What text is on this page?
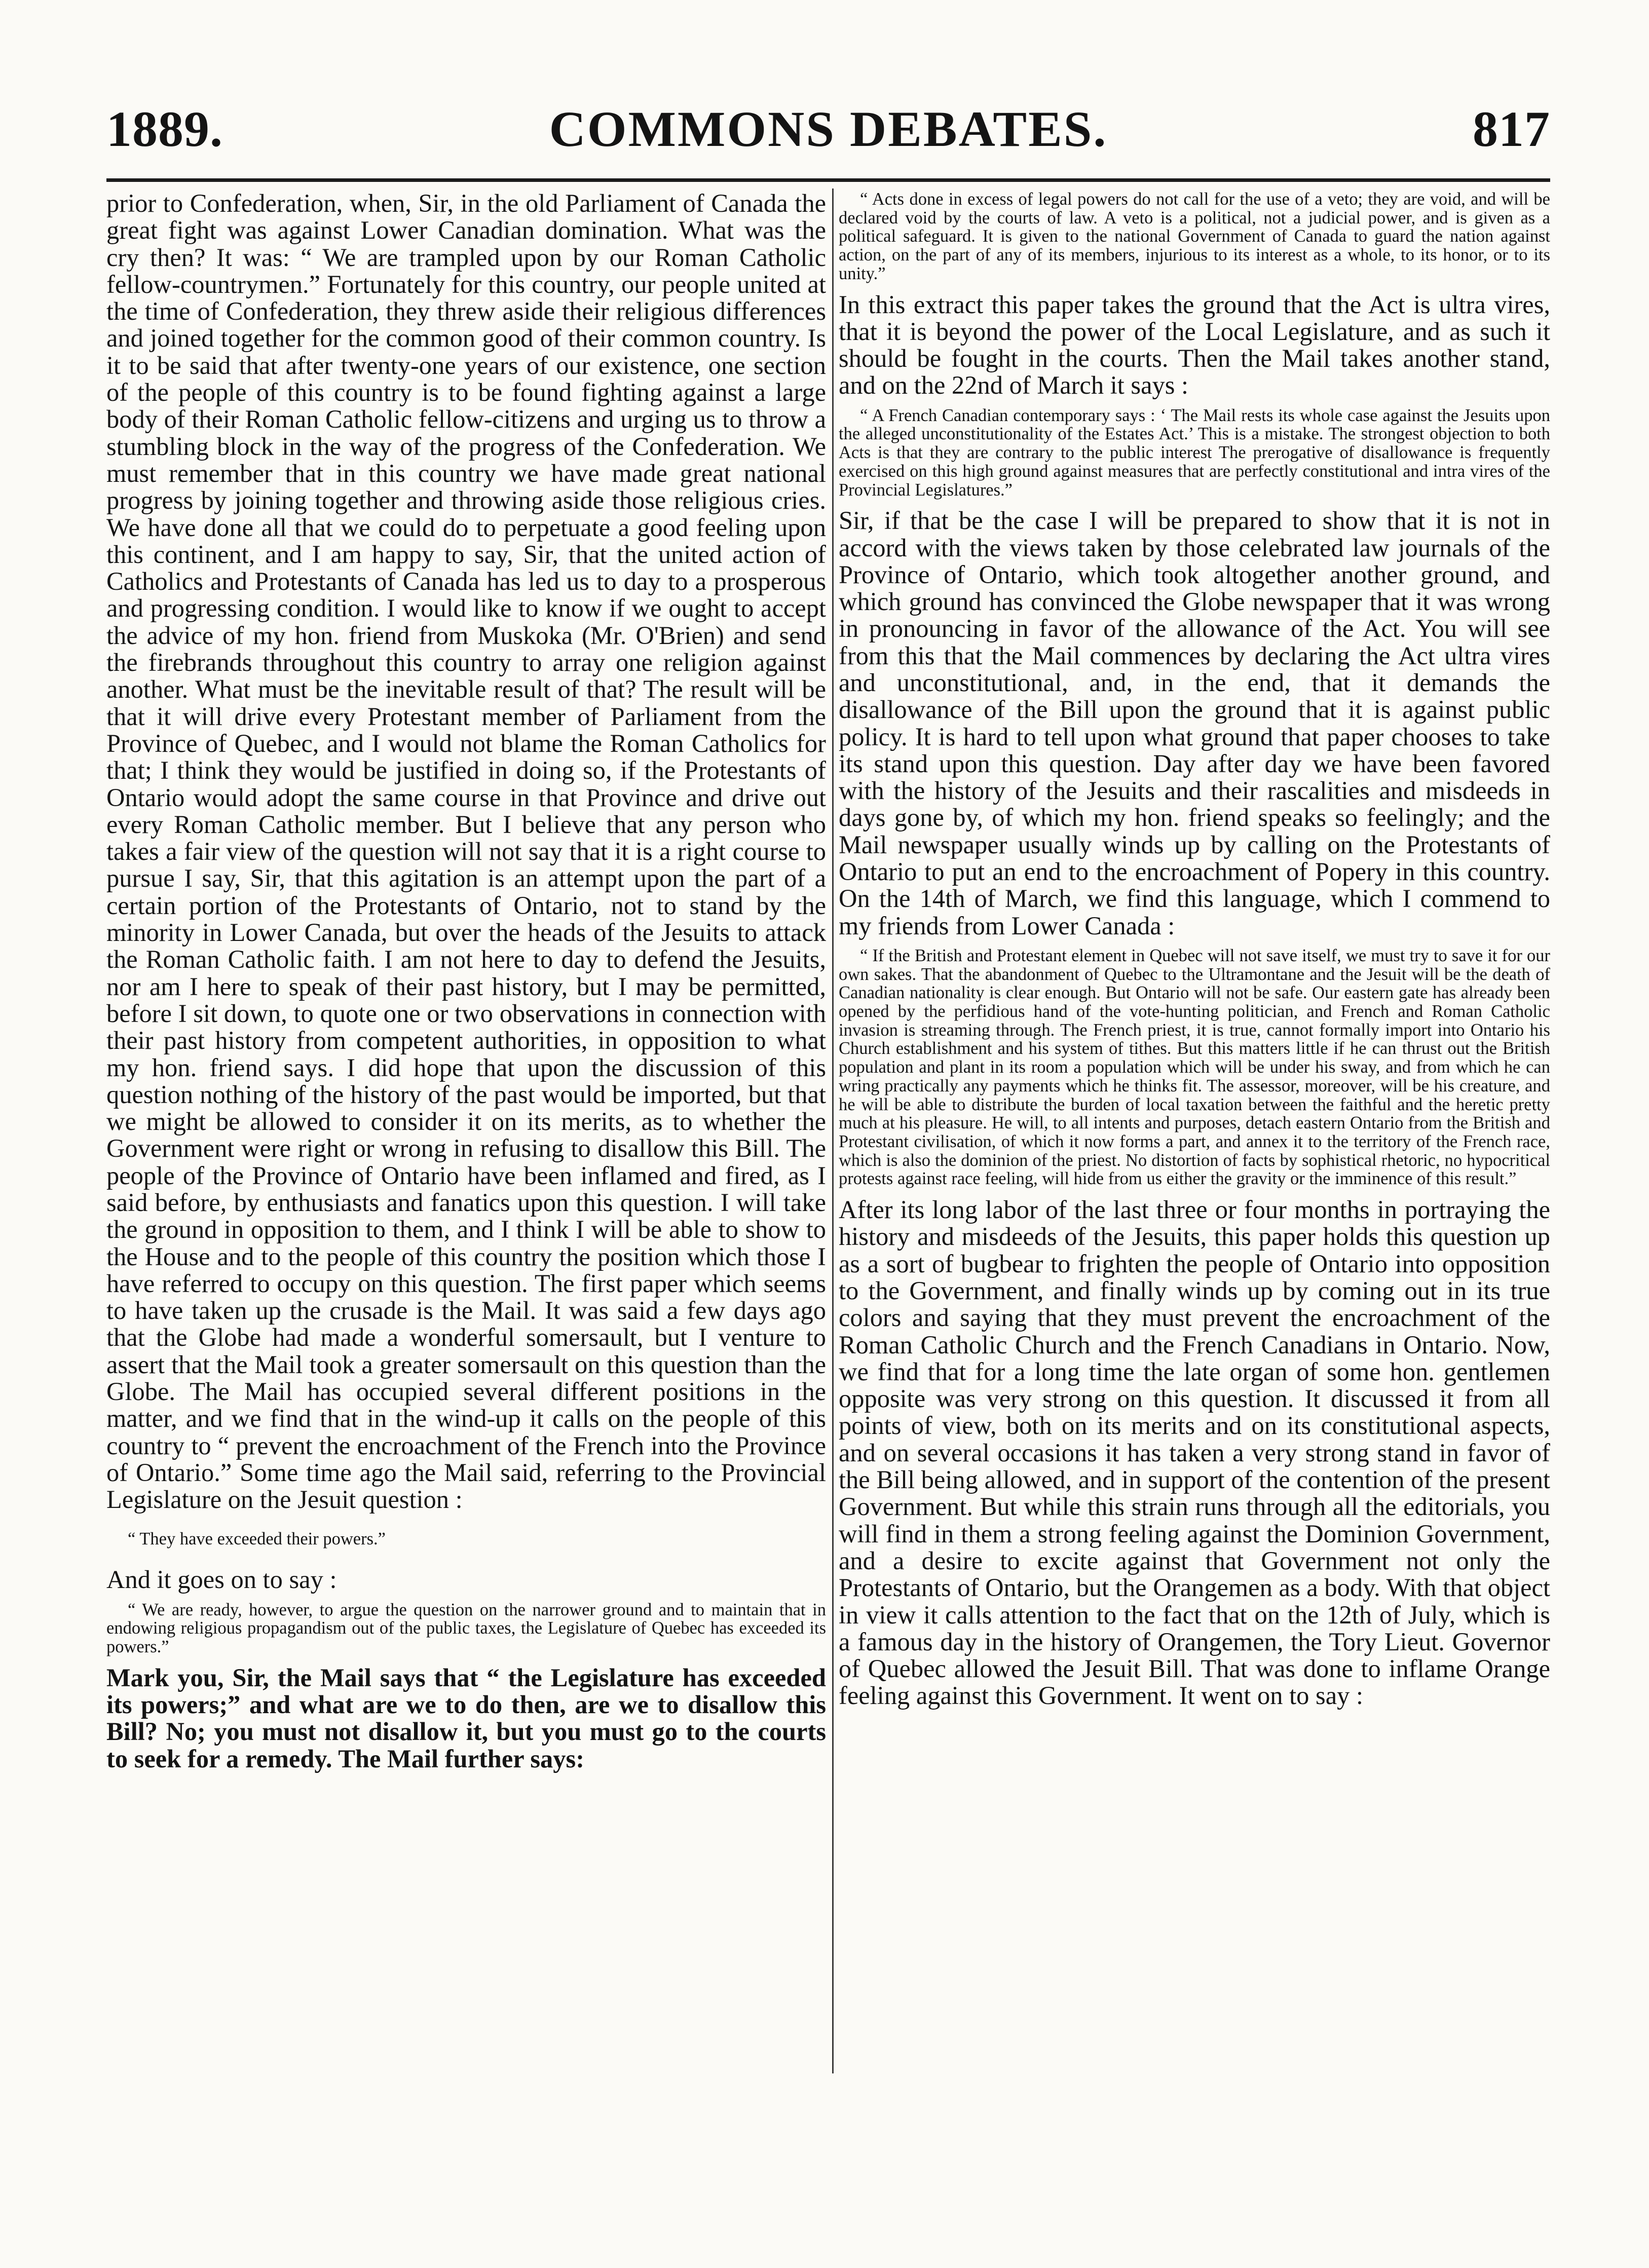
1889.	COMMONS DEBATES.	817

prior to Confederation, when, Sir, in the old Parliament of Canada the great fight was against Lower Canadian domination. What was the cry then? It was: “ We are trampled upon by our Roman Catholic fellow-countrymen.” Fortunately for this country, our people united at the time of Confederation, they threw aside their religious differences and joined together for the common good of their common country. Is it to be said that after twenty-one years of our existence, one section of the people of this country is to be found fighting against a large body of their Roman Catholic fellow-citizens and urging us to throw a stumbling block in the way of the progress of the Confederation. We must remember that in this country we have made great national progress by joining together and throwing aside those religious cries. We have done all that we could do to perpetuate a good feeling upon this continent, and I am happy to say, Sir, that the united action of Catholics and Protestants of Canada has led us to day to a prosperous and progressing condition. I would like to know if we ought to accept the advice of my hon. friend from Muskoka (Mr. O'Brien) and send the firebrands throughout this country to array one religion against another. What must be the inevitable result of that? The result will be that it will drive every Protestant member of Parliament from the Province of Quebec, and I would not blame the Roman Catholics for that; I think they would be justified in doing so, if the Protestants of Ontario would adopt the same course in that Province and drive out every Roman Catholic member. But I believe that any person who takes a fair view of the question will not say that it is a right course to pursue I say, Sir, that this agitation is an attempt upon the part of a certain portion of the Protestants of Ontario, not to stand by the minority in Lower Canada, but over the heads of the Jesuits to attack the Roman Catholic faith. I am not here to day to defend the Jesuits, nor am I here to speak of their past history, but I may be permitted, before I sit down, to quote one or two observations in connection with their past history from competent authorities, in opposition to what my hon. friend says. I did hope that upon the discussion of this question nothing of the history of the past would be imported, but that we might be allowed to consider it on its merits, as to whether the Government were right or wrong in refusing to disallow this Bill. The people of the Province of Ontario have been inflamed and fired, as I said before, by enthusiasts and fanatics upon this question. I will take the ground in opposition to them, and I think I will be able to show to the House and to the people of this country the position which those I have referred to occupy on this question. The first paper which seems to have taken up the crusade is the Mail. It was said a few days ago that the Globe had made a wonderful somersault, but I venture to assert that the Mail took a greater somersault on this question than the Globe. The Mail has occupied several different positions in the matter, and we find that in the wind-up it calls on the people of this country to “ prevent the encroachment of the French into the Province of Ontario.” Some time ago the Mail said, referring to the Provincial Legislature on the Jesuit question :

“ They have exceeded their powers.”

And it goes on to say :

“ We are ready, however, to argue the question on the narrower ground and to maintain that in endowing religious propagandism out of the public taxes, the Legislature of Quebec has exceeded its powers.”

Mark you, Sir, the Mail says that “ the Legislature has exceeded its powers;” and what are we to do then, are we to disallow this Bill? No; you must not disallow it, but you must go to the courts to seek for a remedy. The Mail further says:

“ Acts done in excess of legal powers do not call for the use of a veto; they are void, and will be declared void by the courts of law. A veto is a political, not a judicial power, and is given as a political safeguard. It is given to the national Government of Canada to guard the nation against action, on the part of any of its members, injurious to its interest as a whole, to its honor, or to its unity.”

In this extract this paper takes the ground that the Act is ultra vires, that it is beyond the power of the Local Legislature, and as such it should be fought in the courts. Then the Mail takes another stand, and on the 22nd of March it says :

“ A French Canadian contemporary says : ‘ The Mail rests its whole case against the Jesuits upon the alleged unconstitutionality of the Estates Act.’ This is a mistake. The strongest objection to both Acts is that they are contrary to the public interest The prerogative of disallowance is frequently exercised on this high ground against measures that are perfectly constitutional and intra vires of the Provincial Legislatures.”

Sir, if that be the case I will be prepared to show that it is not in accord with the views taken by those celebrated law journals of the Province of Ontario, which took altogether another ground, and which ground has convinced the Globe newspaper that it was wrong in pronouncing in favor of the allowance of the Act. You will see from this that the Mail commences by declaring the Act ultra vires and unconstitutional, and, in the end, that it demands the disallowance of the Bill upon the ground that it is against public policy. It is hard to tell upon what ground that paper chooses to take its stand upon this question. Day after day we have been favored with the history of the Jesuits and their rascalities and misdeeds in days gone by, of which my hon. friend speaks so feelingly; and the Mail newspaper usually winds up by calling on the Protestants of Ontario to put an end to the encroachment of Popery in this country. On the 14th of March, we find this language, which I commend to my friends from Lower Canada :

“ If the British and Protestant element in Quebec will not save itself, we must try to save it for our own sakes. That the abandonment of Quebec to the Ultramontane and the Jesuit will be the death of Canadian nationality is clear enough. But Ontario will not be safe. Our eastern gate has already been opened by the perfidious hand of the vote-hunting politician, and French and Roman Catholic invasion is streaming through. The French priest, it is true, cannot formally import into Ontario his Church establishment and his system of tithes. But this matters little if he can thrust out the British population and plant in its room a population which will be under his sway, and from which he can wring practically any payments which he thinks fit. The assessor, moreover, will be his creature, and he will be able to distribute the burden of local taxation between the faithful and the heretic pretty much at his pleasure. He will, to all intents and purposes, detach eastern Ontario from the British and Protestant civilisation, of which it now forms a part, and annex it to the territory of the French race, which is also the dominion of the priest. No distortion of facts by sophistical rhetoric, no hypocritical protests against race feeling, will hide from us either the gravity or the imminence of this result.”

After its long labor of the last three or four months in portraying the history and misdeeds of the Jesuits, this paper holds this question up as a sort of bugbear to frighten the people of Ontario into opposition to the Government, and finally winds up by coming out in its true colors and saying that they must prevent the encroachment of the Roman Catholic Church and the French Canadians in Ontario. Now, we find that for a long time the late organ of some hon. gentlemen opposite was very strong on this question. It discussed it from all points of view, both on its merits and on its constitutional aspects, and on several occasions it has taken a very strong stand in favor of the Bill being allowed, and in support of the contention of the present Government. But while this strain runs through all the editorials, you will find in them a strong feeling against the Dominion Government, and a desire to excite against that Government not only the Protestants of Ontario, but the Orangemen as a body. With that object in view it calls attention to the fact that on the 12th of July, which is a famous day in the history of Orangemen, the Tory Lieut. Governor of Quebec allowed the Jesuit Bill. That was done to inflame Orange feeling against this Government. It went on to say :
